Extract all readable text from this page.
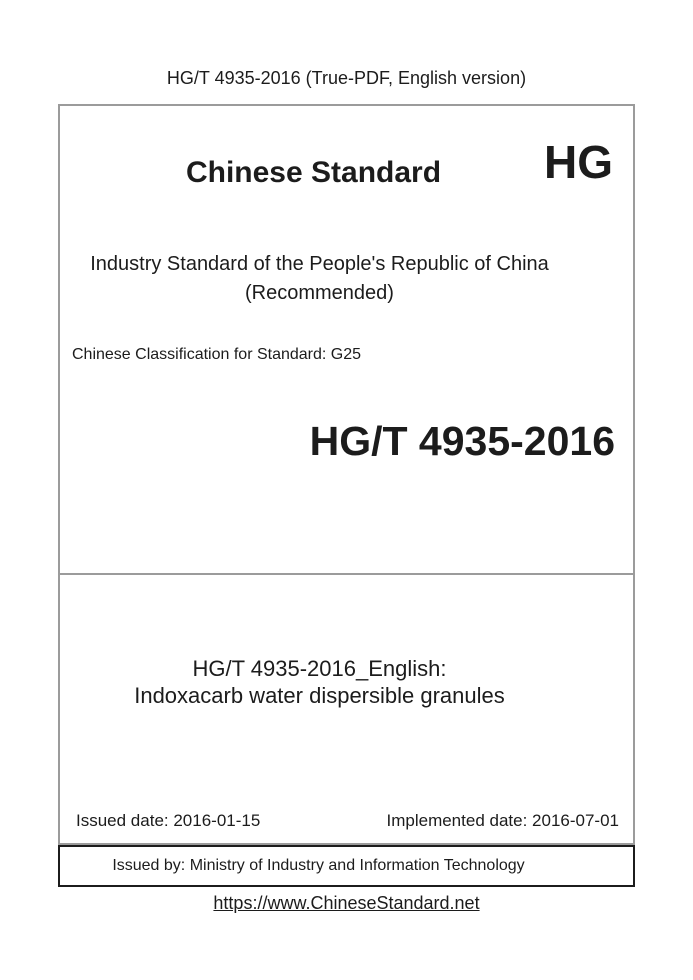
HG/T 4935-2016 (True-PDF, English version)
Chinese Standard	HG
Industry Standard of the People's Republic of China
(Recommended)
Chinese Classification for Standard: G25
HG/T 4935-2016
HG/T 4935-2016_English:
Indoxacarb water dispersible granules
Issued date: 2016-01-15	Implemented date: 2016-07-01
Issued by: Ministry of Industry and Information Technology
https://www.ChineseStandard.net
